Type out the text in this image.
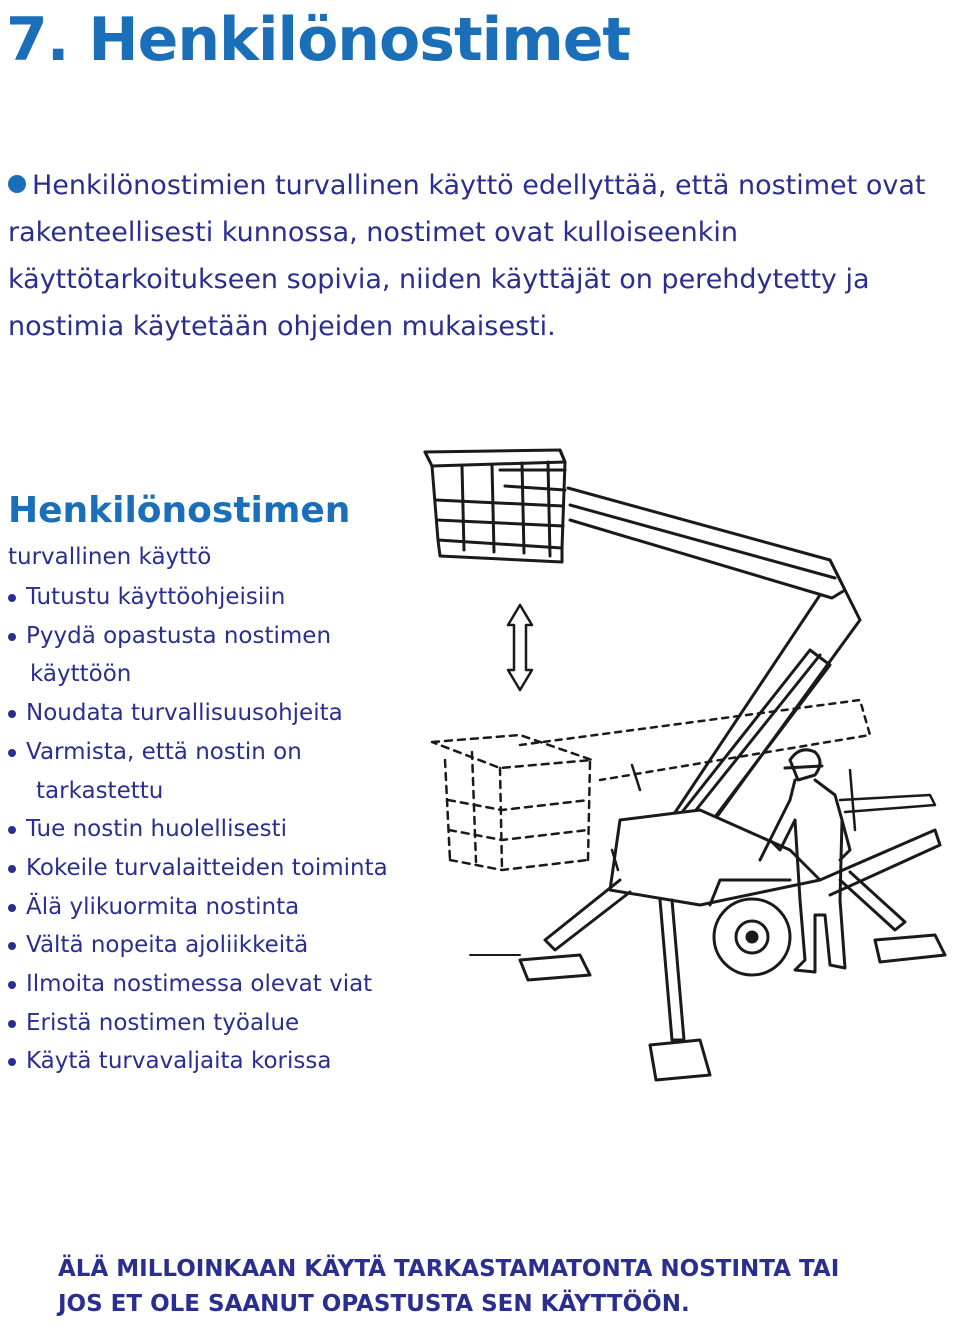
7. Henkilönostimet

Henkilönostimien turvallinen käyttö edellyttää, että nostimet ovat rakenteellisesti kunnossa, nostimet ovat kulloiseenkin käyttötarkoitukseen sopivia, niiden käyttäjät on perehdytetty ja nostimia käytetään ohjeiden mukaisesti.

Henkilönostimen
turvallinen käyttö
Tutustu käyttöohjeisiin
Pyydä opastusta nostimen
käyttöön
Noudata turvallisuusohjeita
Varmista, että nostin on
tarkastettu
Tue nostin huolellisesti
Kokeile turvalaitteiden toiminta
Älä ylikuormita nostinta
Vältä nopeita ajoliikkeitä
Ilmoita nostimessa olevat viat
Eristä nostimen työalue
Käytä turvavaljaita korissa
ÄLÄ MILLOINKAAN KÄYTÄ TARKASTAMATONTA NOSTINTA TAI
JOS ET OLE SAANUT OPASTUSTA SEN KÄYTTÖÖN.
